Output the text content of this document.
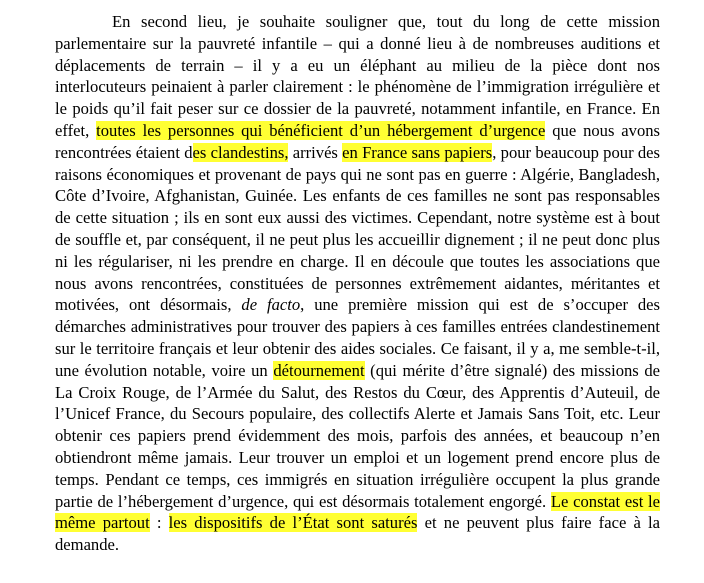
En second lieu, je souhaite souligner que, tout du long de cette mission parlementaire sur la pauvreté infantile – qui a donné lieu à de nombreuses auditions et déplacements de terrain – il y a eu un éléphant au milieu de la pièce dont nos interlocuteurs peinaient à parler clairement : le phénomène de l’immigration irrégulière et le poids qu’il fait peser sur ce dossier de la pauvreté, notamment infantile, en France. En effet, toutes les personnes qui bénéficient d’un hébergement d’urgence que nous avons rencontrées étaient des clandestins, arrivés en France sans papiers, pour beaucoup pour des raisons économiques et provenant de pays qui ne sont pas en guerre : Algérie, Bangladesh, Côte d’Ivoire, Afghanistan, Guinée. Les enfants de ces familles ne sont pas responsables de cette situation ; ils en sont eux aussi des victimes. Cependant, notre système est à bout de souffle et, par conséquent, il ne peut plus les accueillir dignement ; il ne peut donc plus ni les régulariser, ni les prendre en charge. Il en découle que toutes les associations que nous avons rencontrées, constituées de personnes extrêmement aidantes, méritantes et motivées, ont désormais, de facto, une première mission qui est de s’occuper des démarches administratives pour trouver des papiers à ces familles entrées clandestinement sur le territoire français et leur obtenir des aides sociales. Ce faisant, il y a, me semble-t-il, une évolution notable, voire un détournement (qui mérite d’être signalé) des missions de La Croix Rouge, de l’Armée du Salut, des Restos du Cœur, des Apprentis d’Auteuil, de l’Unicef France, du Secours populaire, des collectifs Alerte et Jamais Sans Toit, etc. Leur obtenir ces papiers prend évidemment des mois, parfois des années, et beaucoup n’en obtiendront même jamais. Leur trouver un emploi et un logement prend encore plus de temps. Pendant ce temps, ces immigrés en situation irrégulière occupent la plus grande partie de l’hébergement d’urgence, qui est désormais totalement engorgé. Le constat est le même partout : les dispositifs de l’État sont saturés et ne peuvent plus faire face à la demande.
